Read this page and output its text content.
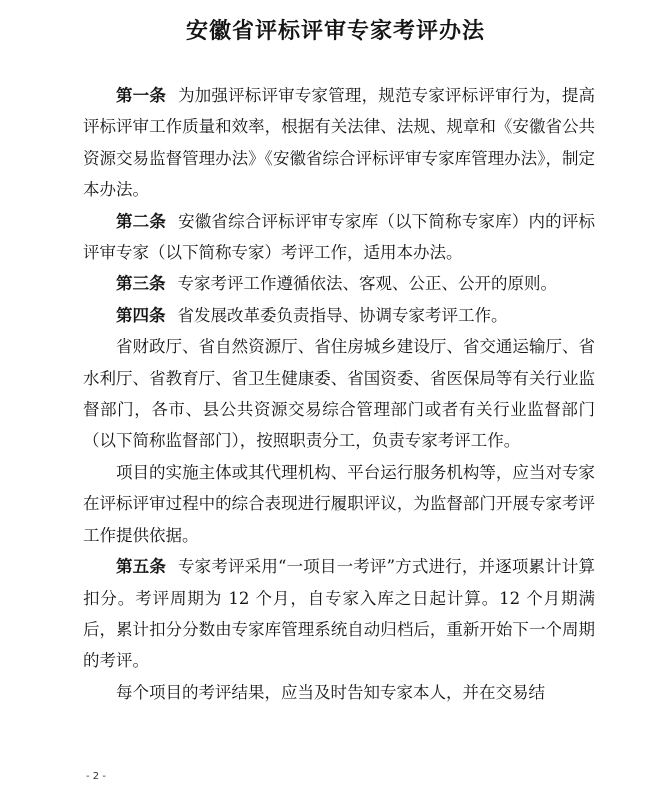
安徽省评标评审专家考评办法

第一条 为加强评标评审专家管理，规范专家评标评审行为，提高评标评审工作质量和效率，根据有关法律、法规、规章和《安徽省公共资源交易监督管理办法》《安徽省综合评标评审专家库管理办法》，制定本办法。

第二条 安徽省综合评标评审专家库（以下简称专家库）内的评标评审专家（以下简称专家）考评工作，适用本办法。

第三条 专家考评工作遵循依法、客观、公正、公开的原则。

第四条 省发展改革委负责指导、协调专家考评工作。

省财政厅、省自然资源厅、省住房城乡建设厅、省交通运输厅、省水利厅、省教育厅、省卫生健康委、省国资委、省医保局等有关行业监督部门，各市、县公共资源交易综合管理部门或者有关行业监督部门（以下简称监督部门），按照职责分工，负责专家考评工作。

项目的实施主体或其代理机构、平台运行服务机构等，应当对专家在评标评审过程中的综合表现进行履职评议，为监督部门开展专家考评工作提供依据。

第五条 专家考评采用“一项目一考评”方式进行，并逐项累计计算扣分。考评周期为 12 个月，自专家入库之日起计算。12 个月期满后，累计扣分分数由专家库管理系统自动归档后，重新开始下一个周期的考评。

每个项目的考评结果，应当及时告知专家本人，并在交易结

- 2 -
